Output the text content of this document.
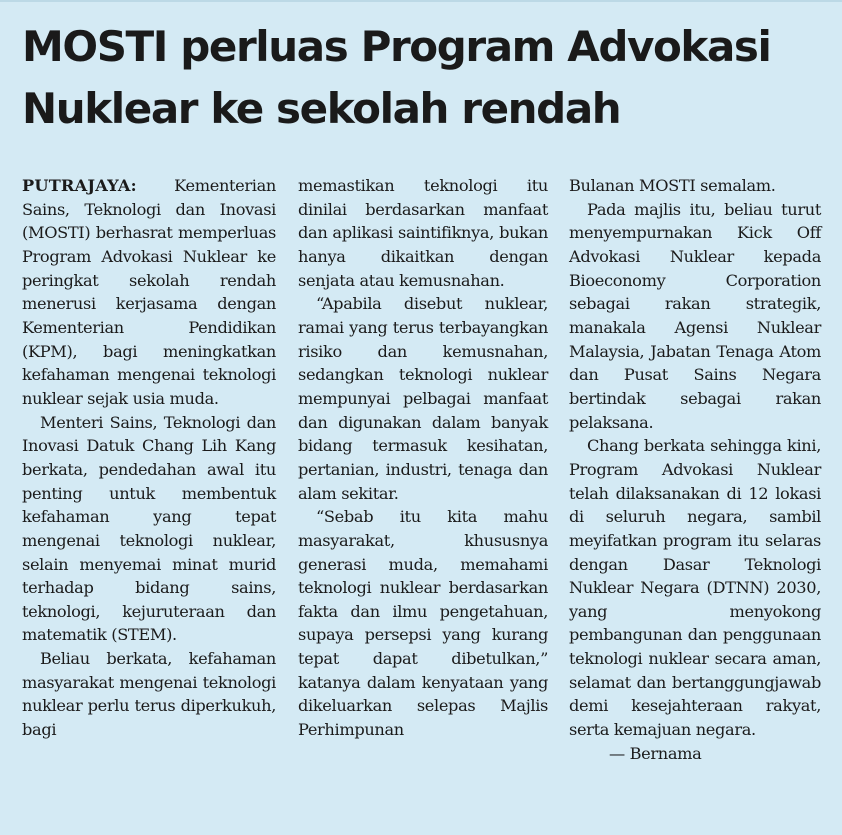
MOSTI perluas Program Advokasi
Nuklear ke sekolah rendah

PUTRAJAYA: Kementerian Sains, Teknologi dan Inovasi (MOSTI) berhasrat memperluas Program Advokasi Nuklear ke peringkat sekolah rendah menerusi kerjasama dengan Kementerian Pendidikan (KPM), bagi meningkatkan kefahaman mengenai teknologi nuklear sejak usia muda.

Menteri Sains, Teknologi dan Inovasi Datuk Chang Lih Kang berkata, pendedahan awal itu penting untuk membentuk kefahaman yang tepat mengenai teknologi nuklear, selain menyemai minat murid terhadap bidang sains, teknologi, kejuruteraan dan matematik (STEM).

Beliau berkata, kefahaman masyarakat mengenai teknologi nuklear perlu terus diperkukuh, bagi

memastikan teknologi itu dinilai berdasarkan manfaat dan aplikasi saintifiknya, bukan hanya dikaitkan dengan senjata atau kemusnahan.

“Apabila disebut nuklear, ramai yang terus terbayangkan risiko dan kemusnahan, sedangkan teknologi nuklear mempunyai pelbagai manfaat dan digunakan dalam banyak bidang termasuk kesihatan, pertanian, industri, tenaga dan alam sekitar.

“Sebab itu kita mahu masyarakat, khususnya generasi muda, memahami teknologi nuklear berdasarkan fakta dan ilmu pengetahuan, supaya persepsi yang kurang tepat dapat dibetulkan,” katanya dalam kenyataan yang dikeluarkan selepas Majlis Perhimpunan

Bulanan MOSTI semalam.

Pada majlis itu, beliau turut menyempurnakan Kick Off Advokasi Nuklear kepada Bioeconomy Corporation sebagai rakan strategik, manakala Agensi Nuklear Malaysia, Jabatan Tenaga Atom dan Pusat Sains Negara bertindak sebagai rakan pelaksana.

Chang berkata sehingga kini, Program Advokasi Nuklear telah dilaksanakan di 12 lokasi di seluruh negara, sambil meyifatkan program itu selaras dengan Dasar Teknologi Nuklear Negara (DTNN) 2030, yang menyokong pembangunan dan penggunaan teknologi nuklear secara aman, selamat dan bertanggungjawab demi kesejahteraan rakyat, serta kemajuan negara.

— Bernama
